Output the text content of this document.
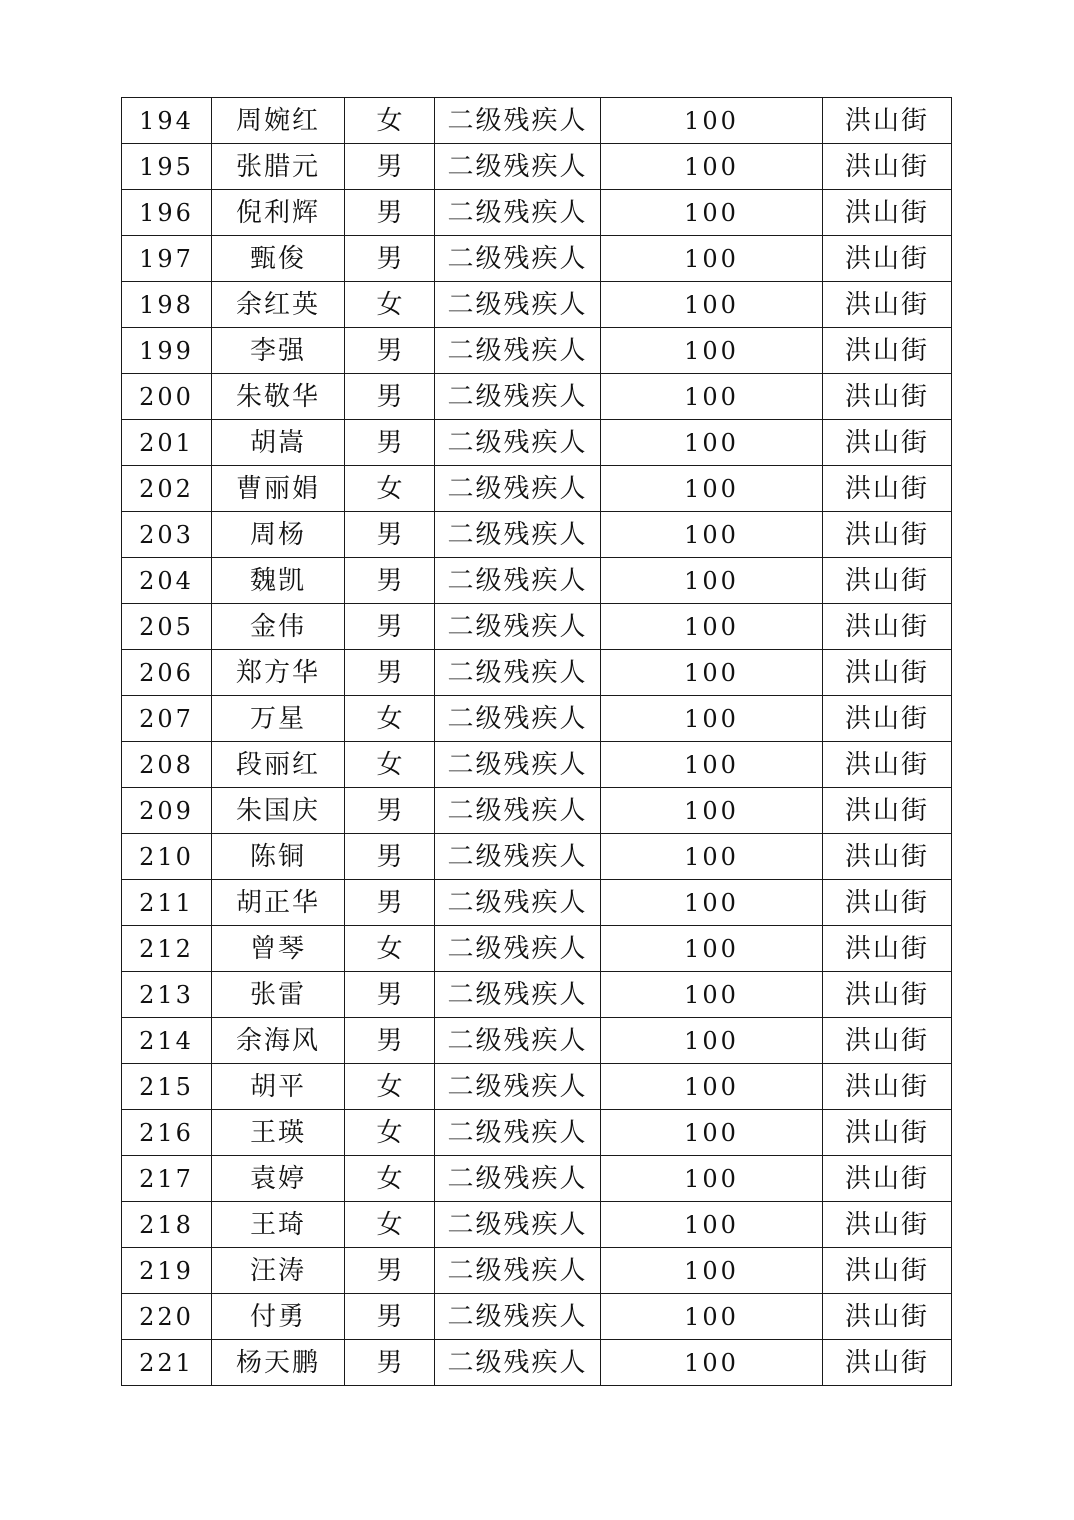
194	周婉红	女	二级残疾人	100	洪山街
195	张腊元	男	二级残疾人	100	洪山街
196	倪利辉	男	二级残疾人	100	洪山街
197	甄俊	男	二级残疾人	100	洪山街
198	余红英	女	二级残疾人	100	洪山街
199	李强	男	二级残疾人	100	洪山街
200	朱敬华	男	二级残疾人	100	洪山街
201	胡嵩	男	二级残疾人	100	洪山街
202	曹丽娟	女	二级残疾人	100	洪山街
203	周杨	男	二级残疾人	100	洪山街
204	魏凯	男	二级残疾人	100	洪山街
205	金伟	男	二级残疾人	100	洪山街
206	郑方华	男	二级残疾人	100	洪山街
207	万星	女	二级残疾人	100	洪山街
208	段丽红	女	二级残疾人	100	洪山街
209	朱国庆	男	二级残疾人	100	洪山街
210	陈铜	男	二级残疾人	100	洪山街
211	胡正华	男	二级残疾人	100	洪山街
212	曾琴	女	二级残疾人	100	洪山街
213	张雷	男	二级残疾人	100	洪山街
214	余海风	男	二级残疾人	100	洪山街
215	胡平	女	二级残疾人	100	洪山街
216	王瑛	女	二级残疾人	100	洪山街
217	袁婷	女	二级残疾人	100	洪山街
218	王琦	女	二级残疾人	100	洪山街
219	汪涛	男	二级残疾人	100	洪山街
220	付勇	男	二级残疾人	100	洪山街
221	杨天鹏	男	二级残疾人	100	洪山街
